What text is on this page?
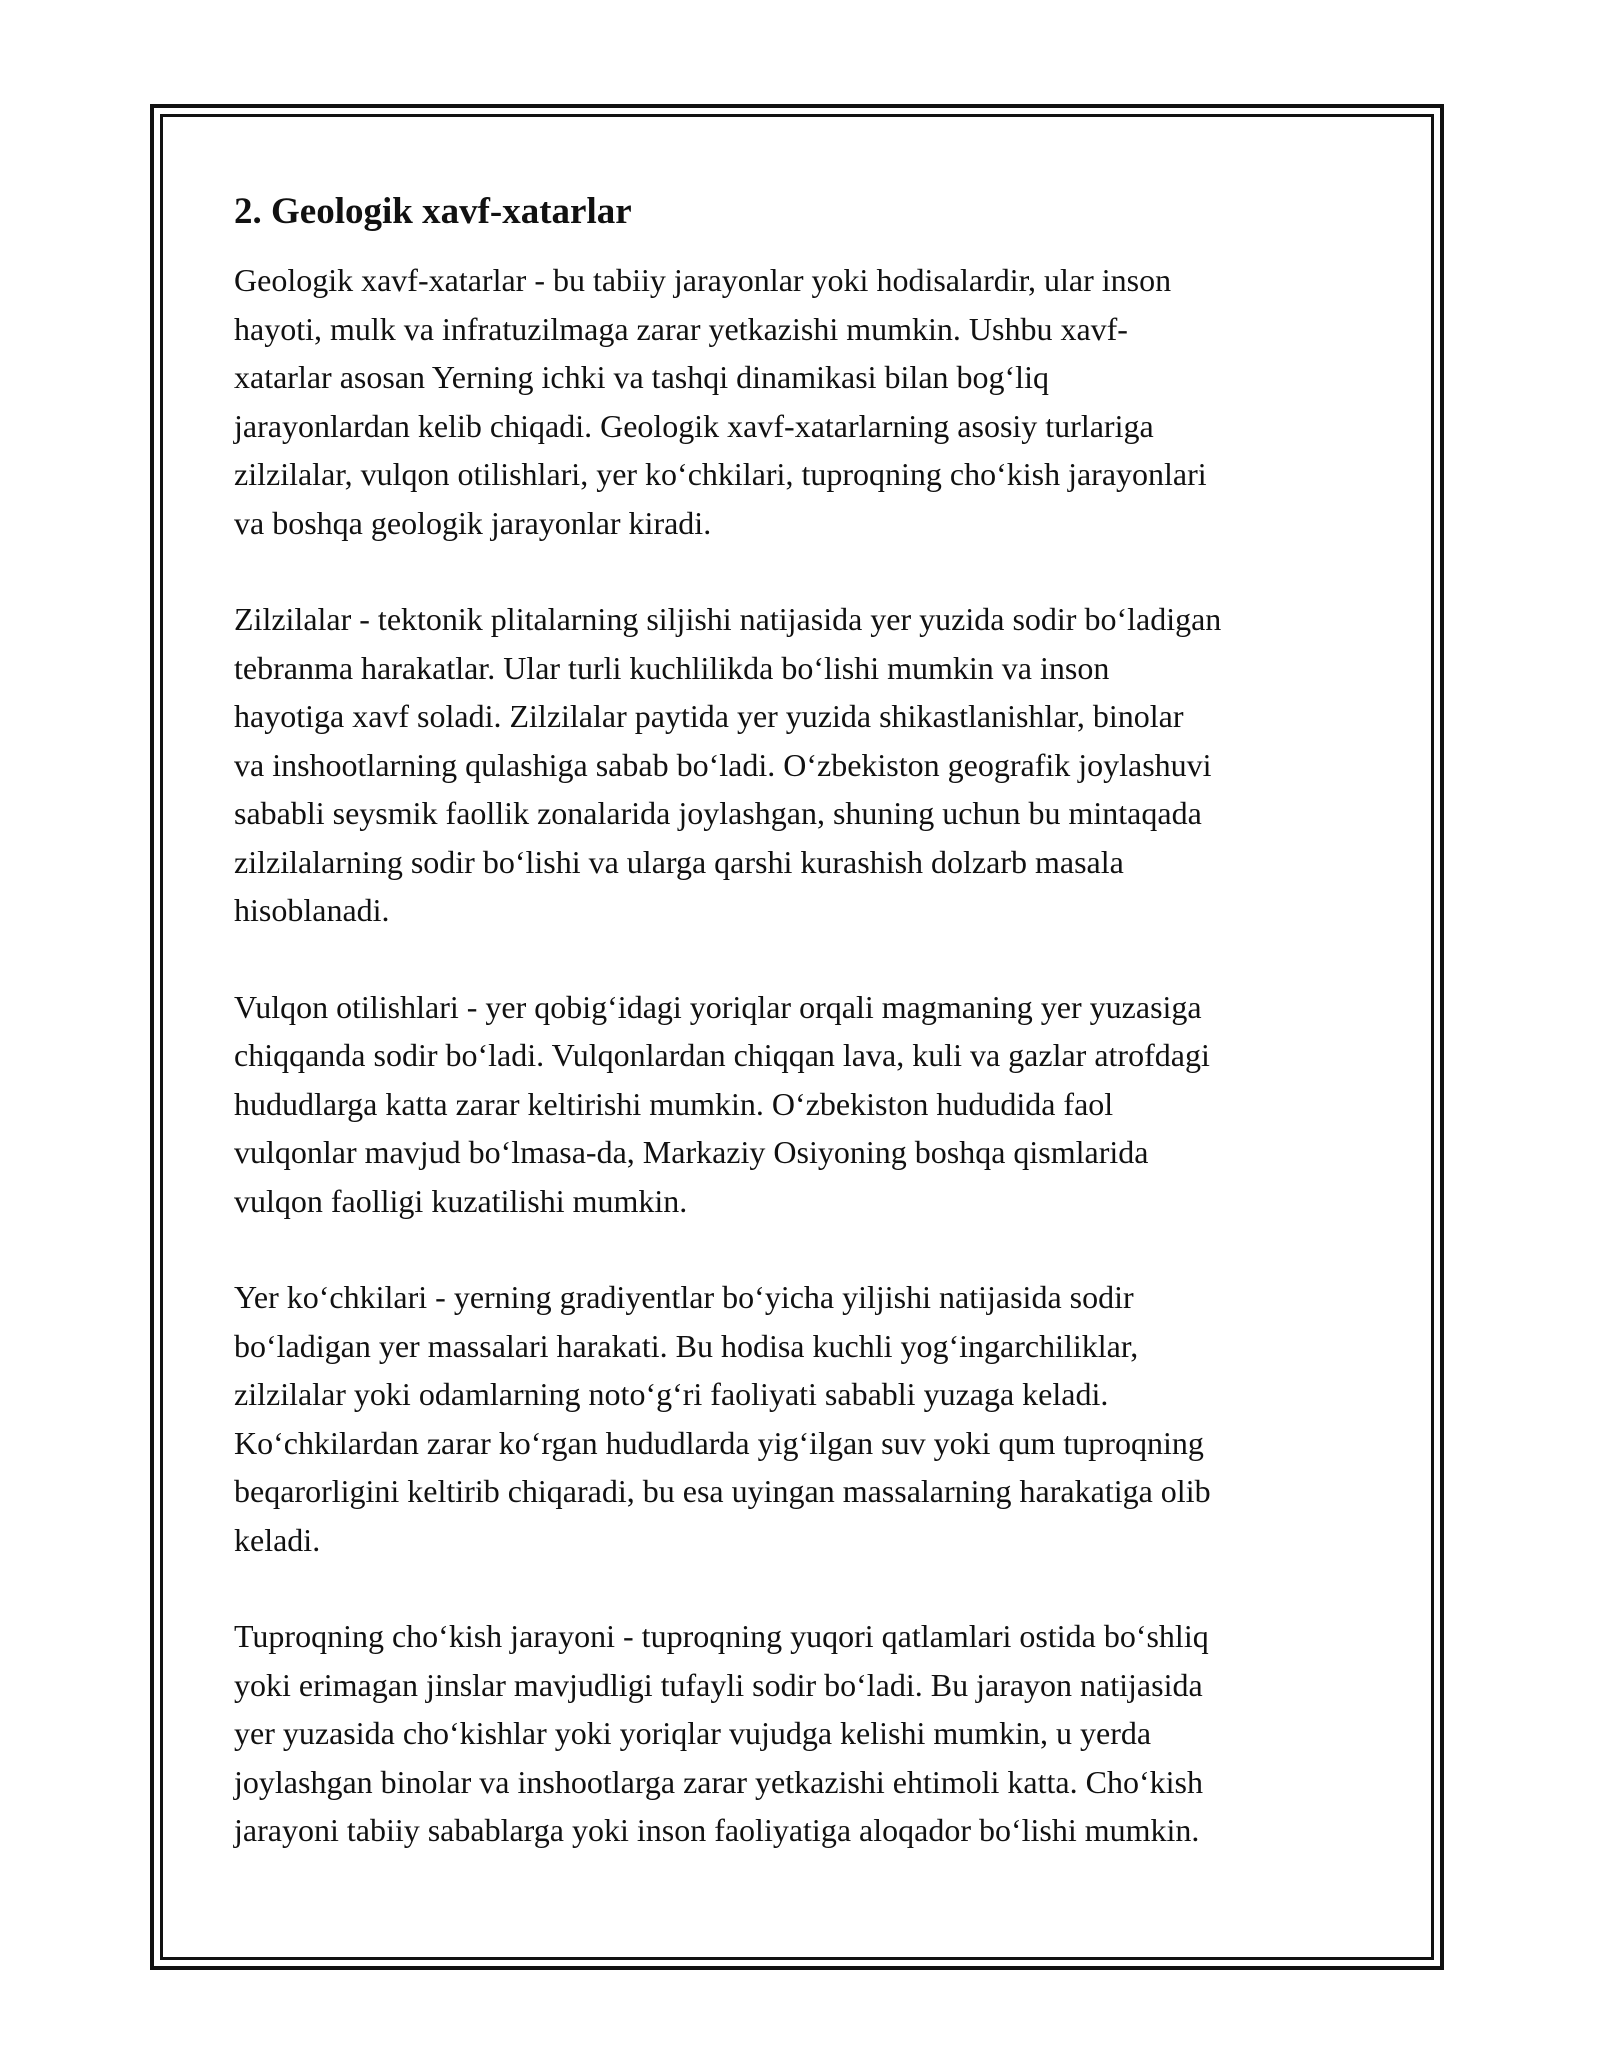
2. Geologik xavf-xatarlar

Geologik xavf-xatarlar - bu tabiiy jarayonlar yoki hodisalardir, ular inson
hayoti, mulk va infratuzilmaga zarar yetkazishi mumkin. Ushbu xavf-
xatarlar asosan Yerning ichki va tashqi dinamikasi bilan bog‘liq
jarayonlardan kelib chiqadi. Geologik xavf-xatarlarning asosiy turlariga
zilzilalar, vulqon otilishlari, yer ko‘chkilari, tuproqning cho‘kish jarayonlari
va boshqa geologik jarayonlar kiradi.

Zilzilalar - tektonik plitalarning siljishi natijasida yer yuzida sodir bo‘ladigan
tebranma harakatlar. Ular turli kuchlilikda bo‘lishi mumkin va inson
hayotiga xavf soladi. Zilzilalar paytida yer yuzida shikastlanishlar, binolar
va inshootlarning qulashiga sabab bo‘ladi. O‘zbekiston geografik joylashuvi
sababli seysmik faollik zonalarida joylashgan, shuning uchun bu mintaqada
zilzilalarning sodir bo‘lishi va ularga qarshi kurashish dolzarb masala
hisoblanadi.

Vulqon otilishlari - yer qobig‘idagi yoriqlar orqali magmaning yer yuzasiga
chiqqanda sodir bo‘ladi. Vulqonlardan chiqqan lava, kuli va gazlar atrofdagi
hududlarga katta zarar keltirishi mumkin. O‘zbekiston hududida faol
vulqonlar mavjud bo‘lmasa-da, Markaziy Osiyoning boshqa qismlarida
vulqon faolligi kuzatilishi mumkin.

Yer ko‘chkilari - yerning gradiyentlar bo‘yicha yiljishi natijasida sodir
bo‘ladigan yer massalari harakati. Bu hodisa kuchli yog‘ingarchiliklar,
zilzilalar yoki odamlarning noto‘g‘ri faoliyati sababli yuzaga keladi.
Ko‘chkilardan zarar ko‘rgan hududlarda yig‘ilgan suv yoki qum tuproqning
beqarorligini keltirib chiqaradi, bu esa uyingan massalarning harakatiga olib
keladi.

Tuproqning cho‘kish jarayoni - tuproqning yuqori qatlamlari ostida bo‘shliq
yoki erimagan jinslar mavjudligi tufayli sodir bo‘ladi. Bu jarayon natijasida
yer yuzasida cho‘kishlar yoki yoriqlar vujudga kelishi mumkin, u yerda
joylashgan binolar va inshootlarga zarar yetkazishi ehtimoli katta. Cho‘kish
jarayoni tabiiy sabablarga yoki inson faoliyatiga aloqador bo‘lishi mumkin.
